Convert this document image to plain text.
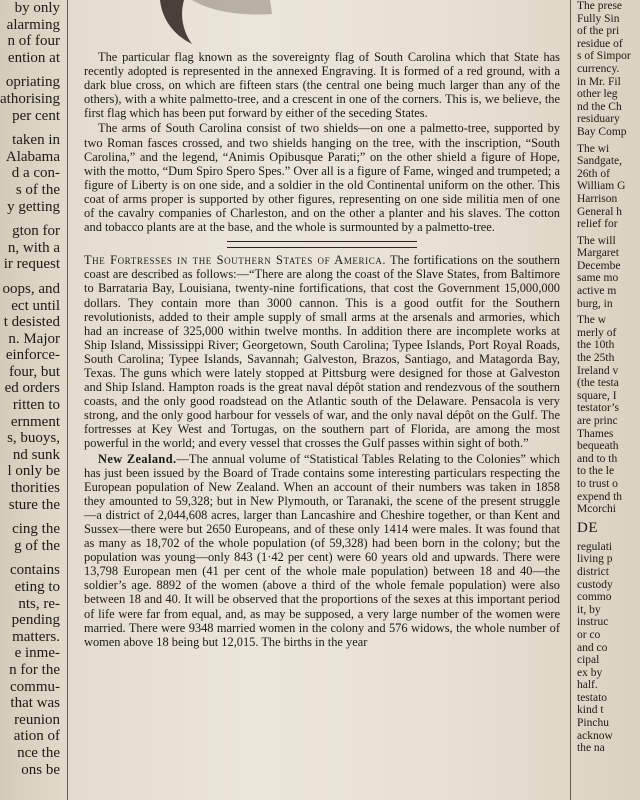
by only

alarming

n of four

ention at

opriating

athorising

per cent

taken in

Alabama

d a con-

s of the

y getting

gton for

n, with a

ir request

oops, and

ect until

t desisted

n. Major

einforce-

four, but

ed orders

ritten to

ernment

s, buoys,

nd sunk

l only be

thorities

sture the

cing the

g of the

contains

eting to

nts, re-

pending

matters.

e inme-

n for the

commu-

that was

reunion

ation of

nce the

ons be

The particular flag known as the sovereignty flag of South Carolina which that State has recently adopted is represented in the annexed Engraving. It is formed of a red ground, with a dark blue cross, on which are fifteen stars (the central one being much larger than any of the others), with a white palmetto-tree, and a crescent in one of the corners. This is, we believe, the first flag which has been put forward by either of the seceding States.

The arms of South Carolina consist of two shields—on one a palmetto-tree, supported by two Roman fasces crossed, and two shields hanging on the tree, with the inscription, “South Carolina,” and the legend, “Animis Opibusque Parati;” on the other shield a figure of Hope, with the motto, “Dum Spiro Spero Spes.” Over all is a figure of Fame, winged and trumpeted; a figure of Liberty is on one side, and a soldier in the old Continental uniform on the other. This coat of arms proper is supported by other figures, representing on one side militia men of one of the cavalry companies of Charleston, and on the other a planter and his slaves. The cotton and tobacco plants are at the base, and the whole is surmounted by a palmetto-tree.

The Fortresses in the Southern States of America. The fortifications on the southern coast are described as follows:—“There are along the coast of the Slave States, from Baltimore to Barrataria Bay, Louisiana, twenty-nine fortifications, that cost the Government 15,000,000 dollars. They contain more than 3000 cannon. This is a good outfit for the Southern revolutionists, added to their ample supply of small arms at the arsenals and armories, which had an increase of 325,000 within twelve months. In addition there are incomplete works at Ship Island, Mississippi River; Georgetown, South Carolina; Typee Islands, Port Royal Roads, South Carolina; Typee Islands, Savannah; Galveston, Brazos, Santiago, and Matagorda Bay, Texas. The guns which were lately stopped at Pittsburg were designed for those at Galveston and Ship Island. Hampton roads is the great naval dépôt station and rendezvous of the southern coasts, and the only good roadstead on the Atlantic south of the Delaware. Pensacola is very strong, and the only good harbour for vessels of war, and the only naval dépôt on the Gulf. The fortresses at Key West and Tortugas, on the southern part of Florida, are among the most powerful in the world; and every vessel that crosses the Gulf passes within sight of both.”

New Zealand.—The annual volume of “Statistical Tables Relating to the Colonies” which has just been issued by the Board of Trade contains some interesting particulars respecting the European population of New Zealand. When an account of their numbers was taken in 1858 they amounted to 59,328; but in New Plymouth, or Taranaki, the scene of the present struggle—a district of 2,044,608 acres, larger than Lancashire and Cheshire together, or than Kent and Sussex—there were but 2650 Europeans, and of these only 1414 were males. It was found that as many as 18,702 of the whole population (of 59,328) had been born in the colony; but the population was young—only 843 (1·42 per cent) were 60 years old and upwards. There were 13,798 European men (41 per cent of the whole male population) between 18 and 40—the soldier’s age. 8892 of the women (above a third of the whole female population) were also between 18 and 40. It will be observed that the proportions of the sexes at this important period of life were far from equal, and, as may be supposed, a very large number of the women were married. There were 9348 married women in the colony and 576 widows, the whole number of women above 18 being but 12,015. The births in the year

The prese

Fully Sin

of the pri

residue of

s of Simpor

currency.

in Mr. Fil

other leg

nd the Ch

residuary

Bay Comp

The wi

Sandgate,

26th of

William G

Harrison

General h

relief for

The will

Margaret

Decembe

same mo

active m

burg, in

The w

merly of

the 10th

the 25th

Ireland v

(the testa

square, I

testator’s

are princ

Thames

bequeath

and to th

to the le

to trust o

expend th

Mcorchi

DE

regulati

living p

district

custody

commo

it, by

instruc

or co

and co

cipal

ex by

half.

testato

kind t

Pinchu

acknow

the na
